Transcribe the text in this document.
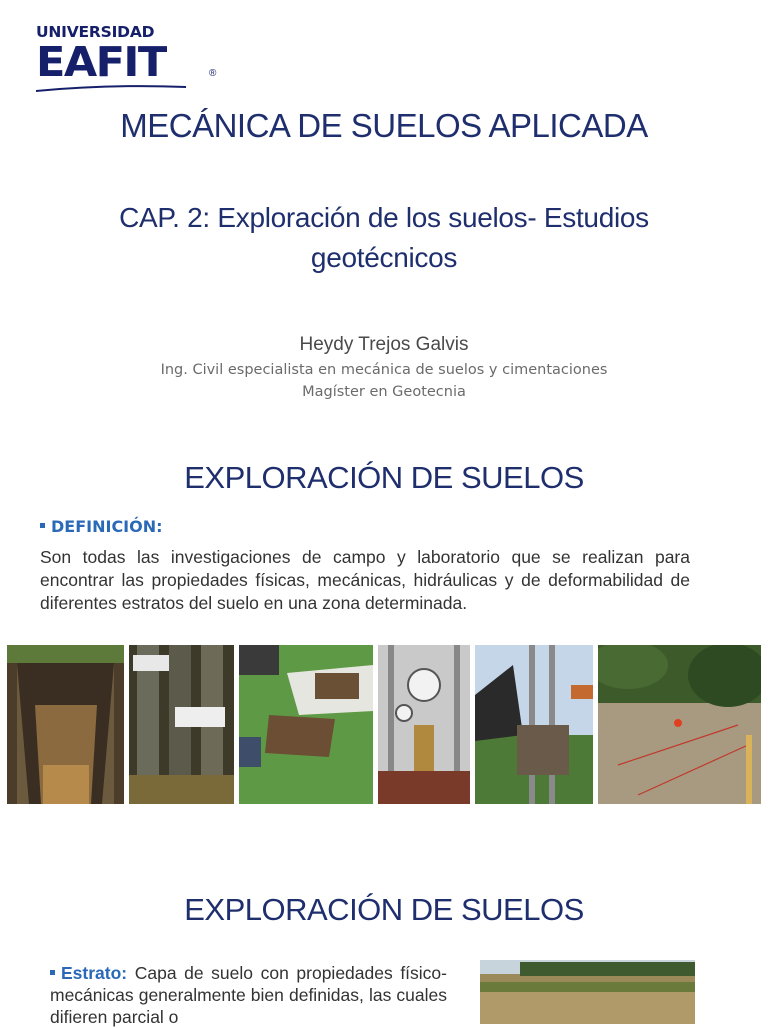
UNIVERSIDAD
EAFIT	®
MECÁNICA DE SUELOS APLICADA
CAP. 2: Exploración de los suelos- Estudios
geotécnicos
Heydy Trejos Galvis
Ing. Civil especialista en mecánica de suelos y cimentaciones
Magíster en Geotecnia
EXPLORACIÓN DE SUELOS
DEFINICIÓN:
Son todas las investigaciones de campo y laboratorio que se realizan para encontrar las propiedades físicas, mecánicas, hidráulicas y de deformabilidad de diferentes estratos del suelo en una zona determinada.
EXPLORACIÓN DE SUELOS
Estrato: Capa de suelo con propiedades físico-mecánicas generalmente bien definidas, las cuales difieren parcial o
